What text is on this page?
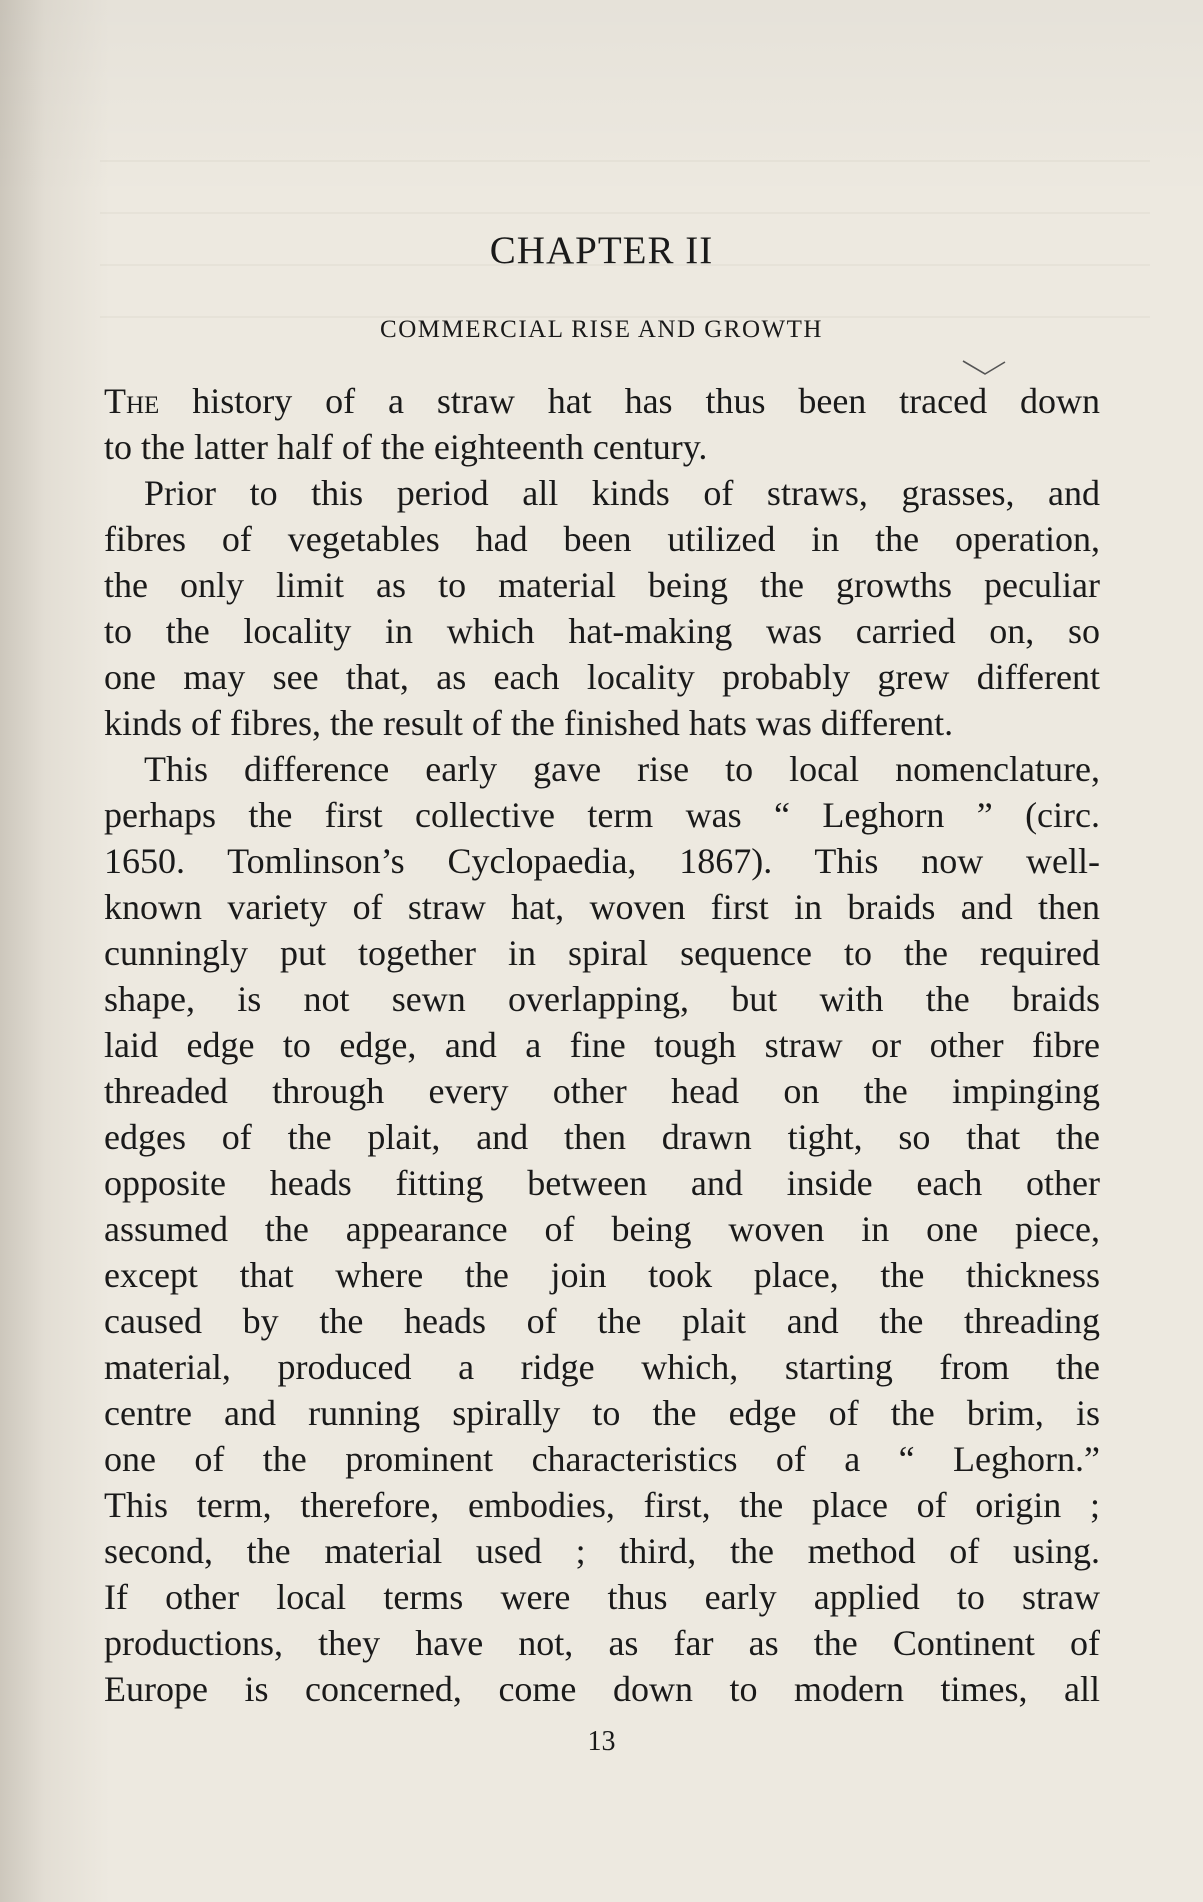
CHAPTER II
COMMERCIAL RISE AND GROWTH
The history of a straw hat has thus been traced down
to the latter half of the eighteenth century.
Prior to this period all kinds of straws, grasses, and
fibres of vegetables had been utilized in the operation,
the only limit as to material being the growths peculiar
to the locality in which hat-making was carried on, so
one may see that, as each locality probably grew different
kinds of fibres, the result of the finished hats was different.
This difference early gave rise to local nomenclature,
perhaps the first collective term was “ Leghorn ” (circ.
1650. Tomlinson’s Cyclopaedia, 1867). This now well-
known variety of straw hat, woven first in braids and then
cunningly put together in spiral sequence to the required
shape, is not sewn overlapping, but with the braids
laid edge to edge, and a fine tough straw or other fibre
threaded through every other head on the impinging
edges of the plait, and then drawn tight, so that the
opposite heads fitting between and inside each other
assumed the appearance of being woven in one piece,
except that where the join took place, the thickness
caused by the heads of the plait and the threading
material, produced a ridge which, starting from the
centre and running spirally to the edge of the brim, is
one of the prominent characteristics of a “ Leghorn.”
This term, therefore, embodies, first, the place of origin ;
second, the material used ; third, the method of using.
If other local terms were thus early applied to straw
productions, they have not, as far as the Continent of
Europe is concerned, come down to modern times, all

13
